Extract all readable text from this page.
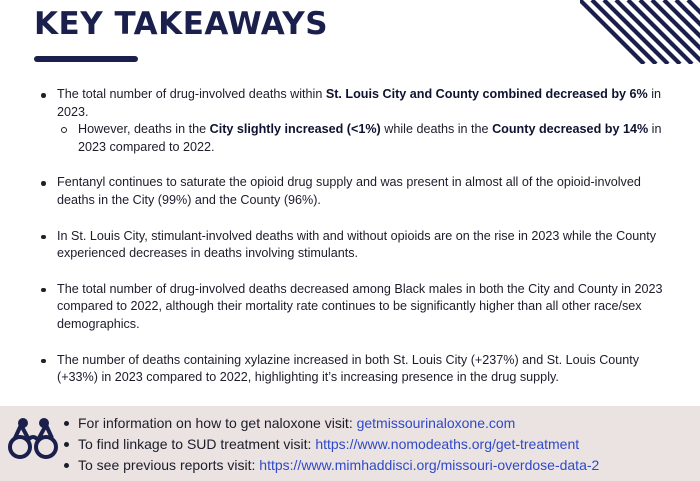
KEY TAKEAWAYS
The total number of drug-involved deaths within St. Louis City and County combined decreased by 6% in 2023.
However, deaths in the City slightly increased (<1%) while deaths in the County decreased by 14% in 2023 compared to 2022.
Fentanyl continues to saturate the opioid drug supply and was present in almost all of the opioid-involved deaths in the City (99%) and the County (96%).
In St. Louis City, stimulant-involved deaths with and without opioids are on the rise in 2023 while the County experienced decreases in deaths involving stimulants.
The total number of drug-involved deaths decreased among Black males in both the City and County in 2023 compared to 2022, although their mortality rate continues to be significantly higher than all other race/sex demographics.
The number of deaths containing xylazine increased in both St. Louis City (+237%) and St. Louis County (+33%) in 2023 compared to 2022, highlighting it’s increasing presence in the drug supply.
For information on how to get naloxone visit: getmissourinaloxone.com
To find linkage to SUD treatment visit: https://www.nomodeaths.org/get-treatment
To see previous reports visit: https://www.mimhaddisci.org/missouri-overdose-data-2
